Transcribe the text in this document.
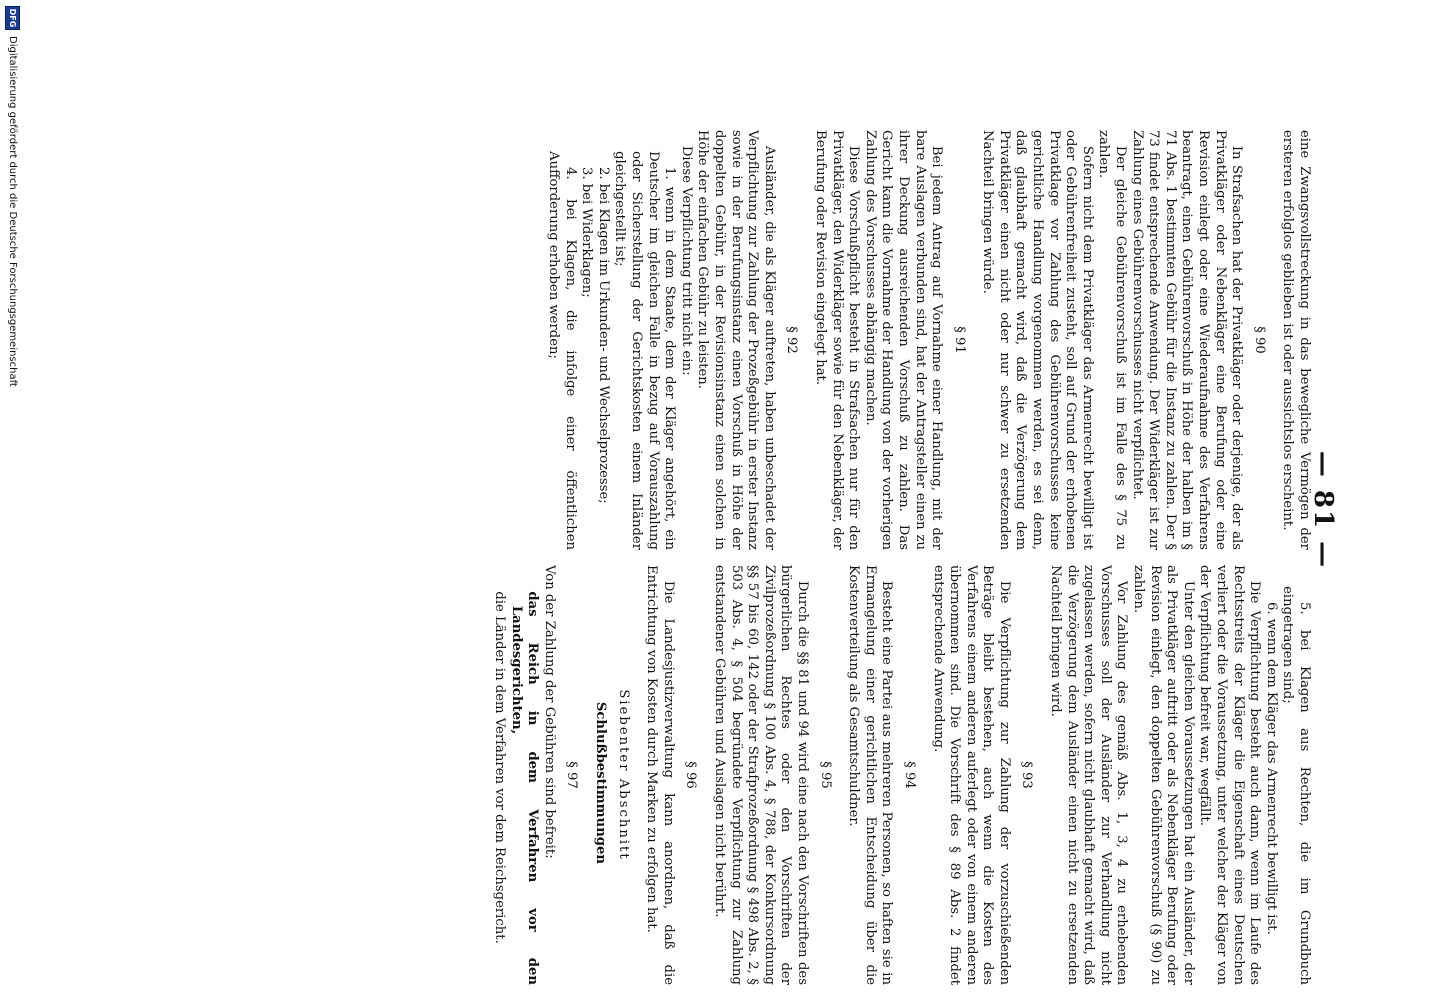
— 81 —

eine Zwangsvollstreckung in das bewegliche Vermögen der ersteren erfolglos geblieben ist oder aussichtslos erscheint.

§ 90

In Strafsachen hat der Privatkläger oder derjenige, der als Privatkläger oder Nebenkläger eine Berufung oder eine Revision einlegt oder eine Wiederaufnahme des Verfahrens beantragt, einen Gebührenvorschuß in Höhe der halben im § 71 Abs. 1 bestimmten Gebühr für die Instanz zu zahlen. Der § 73 findet entsprechende Anwendung. Der Widerkläger ist zur Zahlung eines Gebührenvorschusses nicht verpflichtet.

Der gleiche Gebührenvorschuß ist im Falle des § 75 zu zahlen.

Sofern nicht dem Privatkläger das Armenrecht bewilligt ist oder Gebührenfreiheit zusteht, soll auf Grund der erhobenen Privatklage vor Zahlung des Gebührenvorschusses keine gerichtliche Handlung vorgenommen werden, es sei denn, daß glaubhaft gemacht wird, daß die Verzögerung dem Privatkläger einen nicht oder nur schwer zu ersetzenden Nachteil bringen würde.

§ 91

Bei jedem Antrag auf Vornahme einer Handlung, mit der bare Auslagen verbunden sind, hat der Antragsteller einen zu ihrer Deckung ausreichenden Vorschuß zu zahlen. Das Gericht kann die Vornahme der Handlung von der vorherigen Zahlung des Vorschusses abhängig machen.

Diese Vorschußpflicht besteht in Strafsachen nur für den Privatkläger, den Widerkläger sowie für den Nebenkläger, der Berufung oder Revision eingelegt hat.

§ 92

Ausländer, die als Kläger auftreten, haben unbeschadet der Verpflichtung zur Zahlung der Prozeßgebühr in erster Instanz sowie in der Berufungsinstanz einen Vorschuß in Höhe der doppelten Gebühr, in der Revisionsinstanz einen solchen in Höhe der einfachen Gebühr zu leisten.

Diese Verpflichtung tritt nicht ein:

1. wenn in dem Staate, dem der Kläger angehört, ein Deutscher im gleichen Falle in bezug auf Vorauszahlung oder Sicherstellung der Gerichtskosten einem Inländer gleichgestellt ist;

2. bei Klagen im Urkunden- und Wechselprozesse;

3. bei Widerklagen;

4. bei Klagen, die infolge einer öffentlichen Aufforderung erhoben werden;

5. bei Klagen aus Rechten, die im Grundbuch eingetragen sind;

6. wenn dem Kläger das Armenrecht bewilligt ist.

Die Verpflichtung besteht auch dann, wenn im Laufe des Rechtsstreits der Kläger die Eigenschaft eines Deutschen verliert oder die Voraussetzung, unter welcher der Kläger von der Verpflichtung befreit war, wegfällt.

Unter den gleichen Voraussetzungen hat ein Ausländer, der als Privatkläger auftritt oder als Nebenkläger Berufung oder Revision einlegt, den doppelten Gebührenvorschuß (§ 90) zu zahlen.

Vor Zahlung des gemäß Abs. 1, 3, 4 zu erhebenden Vorschusses soll der Ausländer zur Verhandlung nicht zugelassen werden, sofern nicht glaubhaft gemacht wird, daß die Verzögerung dem Ausländer einen nicht zu ersetzenden Nachteil bringen wird.

§ 93

Die Verpflichtung zur Zahlung der vorzuschießenden Beträge bleibt bestehen, auch wenn die Kosten des Verfahrens einem anderen auferlegt oder von einem anderen übernommen sind. Die Vorschrift des § 89 Abs. 2 findet entsprechende Anwendung.

§ 94

Besteht eine Partei aus mehreren Personen, so haften sie in Ermangelung einer gerichtlichen Entscheidung über die Kostenverteilung als Gesamtschuldner.

§ 95

Durch die §§ 81 und 94 wird eine nach den Vorschriften des bürgerlichen Rechtes oder den Vorschriften der Zivilprozeßordnung § 100 Abs. 4, § 788, der Konkursordnung §§ 57 bis 60, 142 oder der Strafprozeßordnung § 498 Abs. 2, § 503 Abs. 4, § 504 begründete Verpflichtung zur Zahlung entstandener Gebühren und Auslagen nicht berührt.

§ 96

Die Landesjustizverwaltung kann anordnen, daß die Entrichtung von Kosten durch Marken zu erfolgen hat.

Siebenter Abschnitt

Schlußbestimmungen

§ 97

Von der Zahlung der Gebühren sind befreit:

das Reich in dem Verfahren vor den Landesgerichten,

die Länder in dem Verfahren vor dem Reichsgericht.

DFG
Digitalisierung gefördert durch die Deutsche Forschungsgemeinschaft
